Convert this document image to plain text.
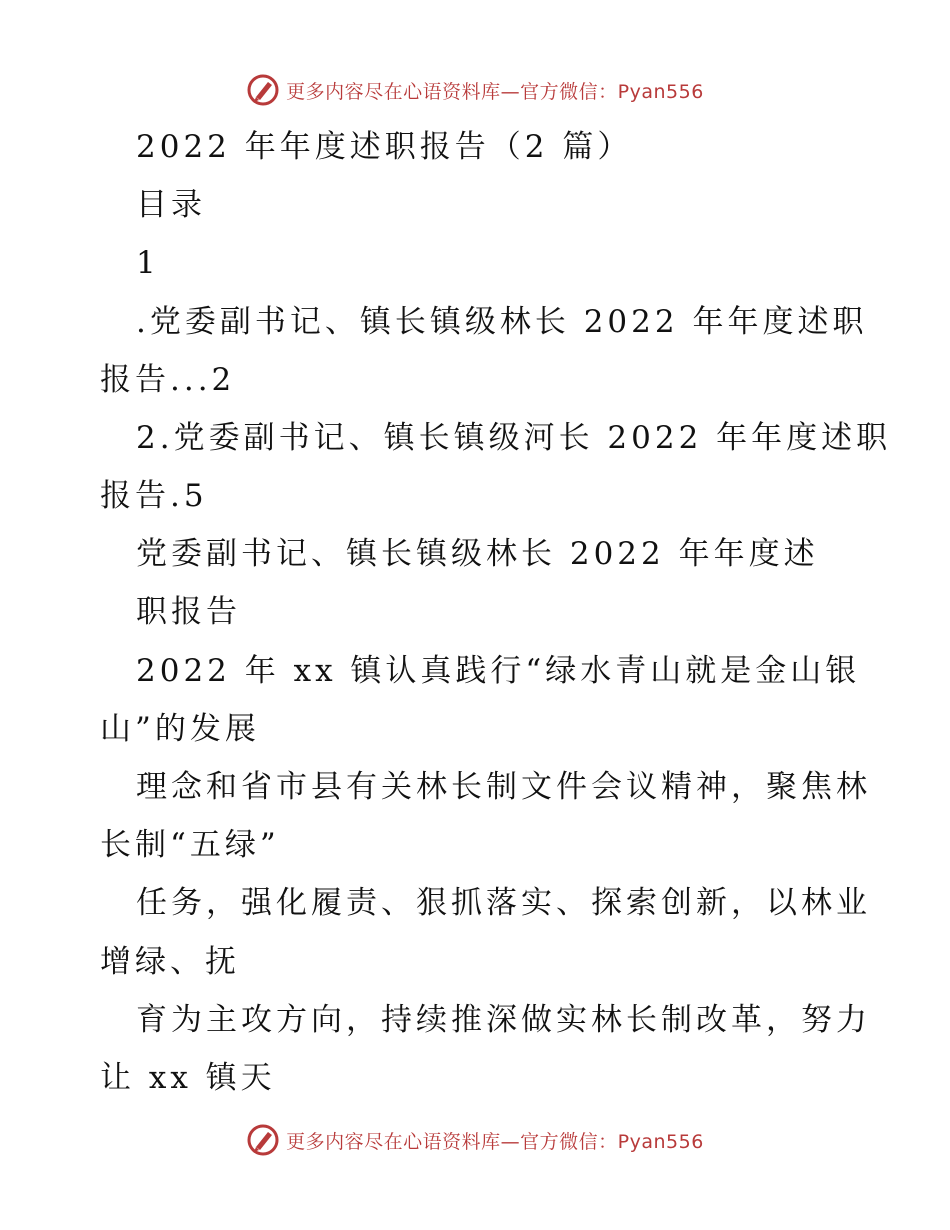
更多内容尽在心语资料库—官方微信：Pyan556
2022 年年度述职报告（2 篇）
目录
1
.党委副书记、镇长镇级林长 2022 年年度述职
报告...2
2.党委副书记、镇长镇级河长 2022 年年度述职
报告.5
党委副书记、镇长镇级林长 2022 年年度述
职报告
2022 年 xx 镇认真践行“绿水青山就是金山银
山”的发展
理念和省市县有关林长制文件会议精神，聚焦林
长制“五绿”
任务，强化履责、狠抓落实、探索创新，以林业
增绿、抚
育为主攻方向，持续推深做实林长制改革，努力
让 xx 镇天
更多内容尽在心语资料库—官方微信：Pyan556
